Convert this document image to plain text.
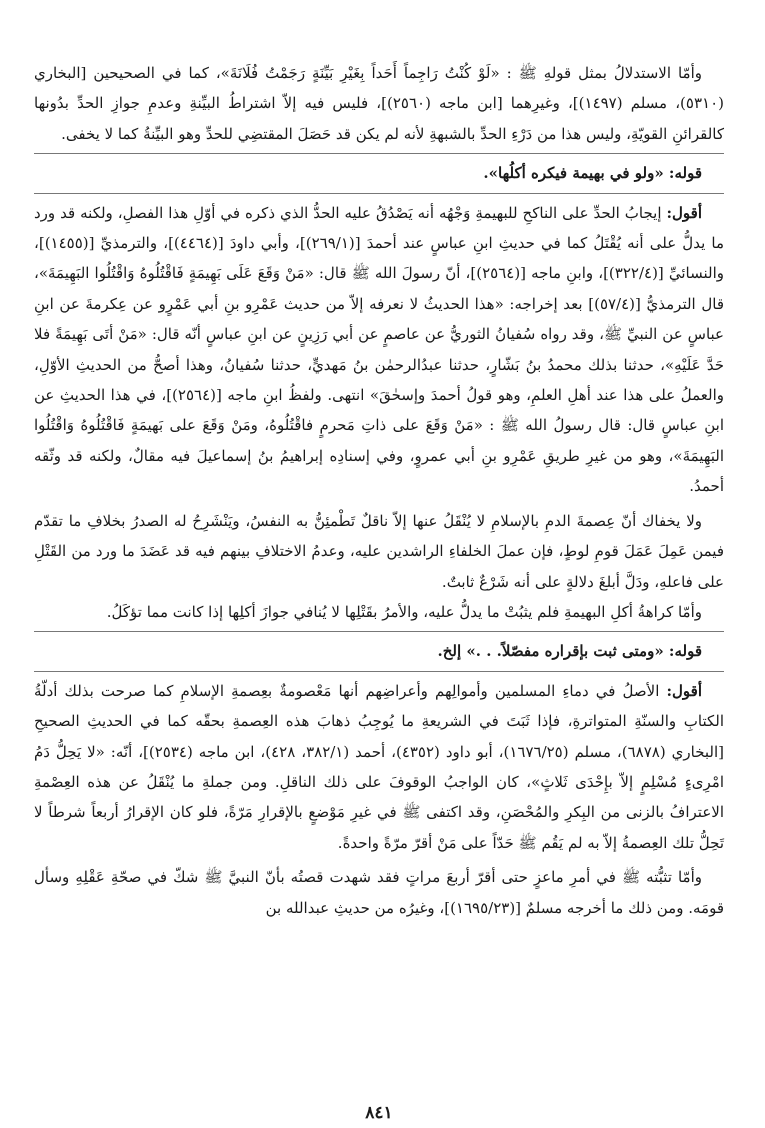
وأمّا الاستدلالُ بمثل قولهِ ﷺ : «لَوْ كُنْتُ رَاجِماً أَحَداً بِغَيْرِ بَيِّنَةٍ رَجَمْتُ فُلَانَةَ»، كما في الصحيحين [البخاري (٥٣١٠)، مسلم (١٤٩٧)]، وغيرِهما [ابن ماجه (٢٥٦٠)]، فليس فيه إلاّ اشتراطُ البيِّنةِ وعدمِ جوازِ الحدِّ بدُونها كالقرائنِ القويّةِ، وليس هذا من دَرْءِ الحدِّ بالشبهةِ لأنه لم يكن قد حَصَلَ المقتضِي للحدِّ وهو البيِّنةُ كما لا يخفى.

قوله: «ولو في بهيمة فيكره أكلُها».

أقول: إيجابُ الحدِّ على الناكحِ للبهيمةِ وَجْهُه أنه يَصْدُقُ عليه الحدُّ الذي ذكره في أوّلِ هذا الفصلِ، ولكنه قد ورد ما يدلُّ على أنه يُقْتَلُ كما في حديثِ ابنِ عباسٍ عند أحمدَ [(٢٦٩/١)]، وأبي داودَ [(٤٤٦٤)]، والترمذيِّ [(١٤٥٥)]، والنسائيِّ [(٣٢٢/٤)]، وابنِ ماجه [(٢٥٦٤)]، أنّ رسولَ الله ﷺ قال: «مَنْ وَقَعَ عَلَى بَهِيمَةٍ فَاقْتُلُوهُ وَاقْتُلُوا البَهِيمَةَ»، قال الترمذيُّ [(٥٧/٤)] بعد إخراجه: «هذا الحديثُ لا نعرفه إلاّ من حديث عَمْرِو بنِ أبي عَمْرٍو عن عِكرمةَ عن ابنِ عباسٍ عن النبيِّ ﷺ، وقد رواه سُفيانُ الثوريُّ عن عاصمٍ عن أبي رَزِينٍ عن ابنِ عباسٍ أنّه قال: «مَنْ أتَى بَهِيمَةً فلا حَدَّ عَلَيْهِ»، حدثنا بذلك محمدُ بنُ بَشّارٍ، حدثنا عبدُالرحمٰن بنُ مَهديٍّ، حدثنا سُفيانُ، وهذا أصحُّ من الحديثِ الأوّلِ، والعملُ على هذا عند أهلِ العلمِ، وهو قولُ أحمدَ وإسحٰقَ» انتهى. ولفظُ ابنِ ماجه [(٢٥٦٤)]، في هذا الحديثِ عن ابنِ عباسٍ قال: قال رسولُ الله ﷺ : «مَنْ وَقَعَ على ذاتِ مَحرمٍ فاقْتُلُوهُ، ومَنْ وَقَعَ على بَهيمَةٍ فَاقْتُلُوهُ وَاقْتُلُوا البَهِيمَةَ»، وهو من غيرِ طريقِ عَمْرِو بنِ أبي عمروٍ، وفي إسنادِه إبراهيمُ بنُ إسماعيلَ فيه مقالٌ، ولكنه قد وثّقه أحمدُ.

ولا يخفاك أنّ عِصمةَ الدمِ بالإسلامِ لا يُنْقَلُ عنها إلاّ ناقلٌ تَطْمئِنُّ به النفسُ، ويَنْشَرِحُ له الصدرُ بخلافِ ما تقدّم فيمن عَمِلَ عَمَلَ قومِ لوطٍ، فإن عملَ الخلفاءِ الراشدين عليه، وعدمُ الاختلافِ بينهم فيه قد عَضَدَ ما ورد من القَتْلِ على فاعلهِ، ودَلَّ أبلغَ دلالةٍ على أنه شَرْعٌ ثابتٌ.

وأمّا كراهةُ أكلِ البهيمةِ فلم يثبُتْ ما يدلُّ عليه، والأمرُ بقَتْلِها لا يُنافي جوازَ أكلِها إذا كانت مما تؤكَلُ.

قوله: «ومتى ثبت بإقراره مفصّلاً. . .» إلخ.

أقول: الأصلُ في دماءِ المسلمين وأموالِهم وأعراضِهم أنها مَعْصومةٌ بعِصمةِ الإسلامِ كما صرحت بذلك أدلّةُ الكتابِ والسنّةِ المتواترةِ، فإذا ثَبَتَ في الشريعةِ ما يُوجِبُ ذهابَ هذه العِصمةِ بحقّه كما في الحديثِ الصحيحِ [البخاري (٦٨٧٨)، مسلم (١٦٧٦/٢٥)، أبو داود (٤٣٥٢)، أحمد (٣٨٢/١، ٤٢٨)، ابن ماجه (٢٥٣٤)]، أنّه: «لا يَحِلُّ دَمُ امْرِىءٍ مُسْلِمٍ إلاّ بإِحْدَى ثَلاثٍ»، كان الواجبُ الوقوفَ على ذلك الناقلِ. ومن جملةِ ما يُنْقَلُ عن هذه العِصْمةِ الاعترافُ بالزنى من البِكرِ والمُحْصَنِ، وقد اكتفى ﷺ في غيرِ مَوْضعٍ بالإقرارِ مَرّةً، فلو كان الإقرارُ أربعاً شرطاً لا تَحِلُّ تلك العِصمةُ إلاّ به لم يَقُم ﷺ حَدّاً على مَنْ أقرّ مرّةً واحدةً.

وأمّا تثبُّته ﷺ في أمرِ ماعزٍ حتى أقرّ أربعَ مراتٍ فقد شهدت قصتُه بأنّ النبيَّ ﷺ شكّ في صحّةِ عَقْلِهِ وسأل قومَه. ومن ذلك ما أخرجه مسلمٌ [(١٦٩٥/٢٣)]، وغيرُه من حديثِ عبدالله بن

٨٤١
